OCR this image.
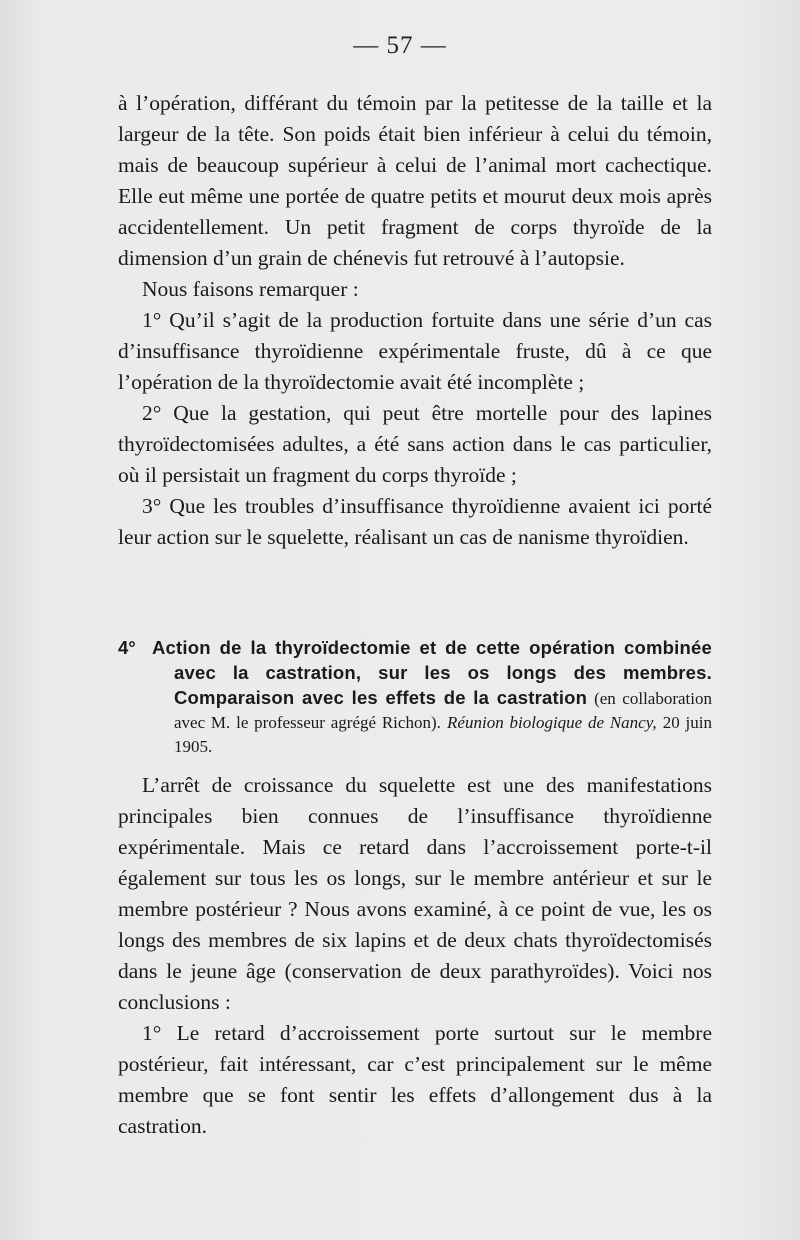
— 57 —

à l’opération, différant du témoin par la petitesse de la taille et la largeur de la tête. Son poids était bien inférieur à celui du témoin, mais de beaucoup supérieur à celui de l’animal mort cachectique. Elle eut même une portée de quatre petits et mourut deux mois après accidentellement. Un petit fragment de corps thyroïde de la dimension d’un grain de chénevis fut retrouvé à l’autopsie.

Nous faisons remarquer :

1° Qu’il s’agit de la production fortuite dans une série d’un cas d’insuffisance thyroïdienne expérimentale fruste, dû à ce que l’opération de la thyroïdectomie avait été incomplète ;

2° Que la gestation, qui peut être mortelle pour des lapines thyroïdectomisées adultes, a été sans action dans le cas particulier, où il persistait un fragment du corps thyroïde ;

3° Que les troubles d’insuffisance thyroïdienne avaient ici porté leur action sur le squelette, réalisant un cas de nanisme thyroïdien.

4° Action de la thyroïdectomie et de cette opération combinée avec la castration, sur les os longs des membres. Comparaison avec les effets de la castration (en collaboration avec M. le professeur agrégé Richon). Réunion biologique de Nancy, 20 juin 1905.

L’arrêt de croissance du squelette est une des manifestations principales bien connues de l’insuffisance thyroïdienne expérimentale. Mais ce retard dans l’accroissement porte-t-il également sur tous les os longs, sur le membre antérieur et sur le membre postérieur ? Nous avons examiné, à ce point de vue, les os longs des membres de six lapins et de deux chats thyroïdectomisés dans le jeune âge (conservation de deux parathyroïdes). Voici nos conclusions :

1° Le retard d’accroissement porte surtout sur le membre postérieur, fait intéressant, car c’est principalement sur le même membre que se font sentir les effets d’allongement dus à la castration.
